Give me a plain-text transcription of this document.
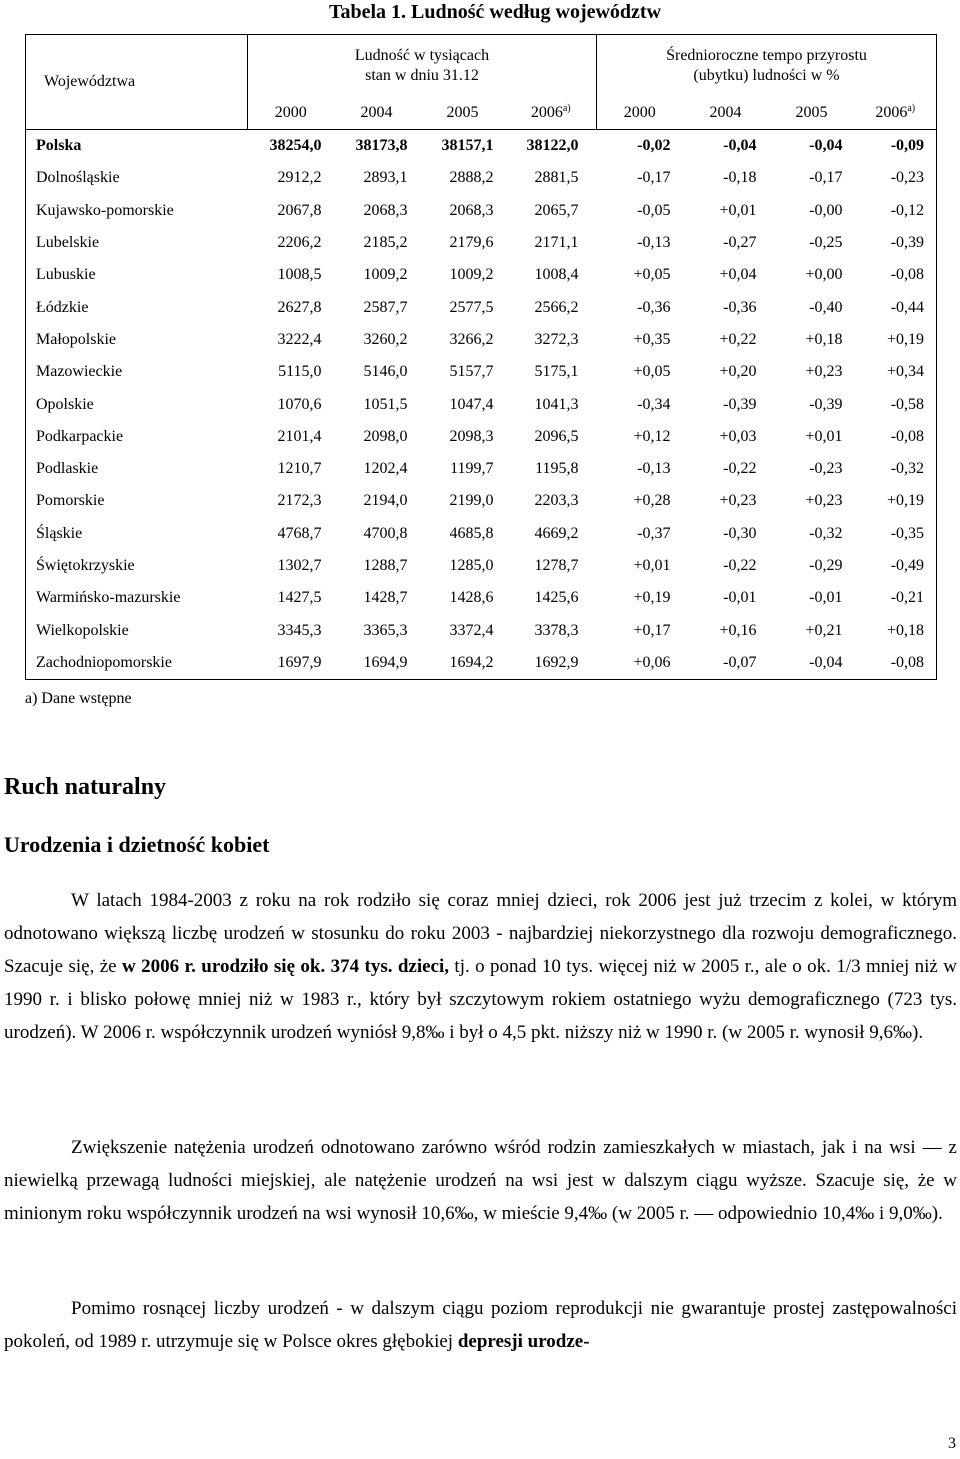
Tabela 1. Ludność według województw
Województwa	Ludność w tysiącach
stan w dniu 31.12				Średnioroczne tempo przyrostu
(ubytku) ludności w %			
	2000	2004	2005	2006$^{a)}$	2000	2004	2005	2006$^{a)}$
Polska	38254,0	38173,8	38157,1	38122,0	-0,02	-0,04	-0,04	-0,09
Dolnośląskie	2912,2	2893,1	2888,2	2881,5	-0,17	-0,18	-0,17	-0,23
Kujawsko-pomorskie	2067,8	2068,3	2068,3	2065,7	-0,05	+0,01	-0,00	-0,12
Lubelskie	2206,2	2185,2	2179,6	2171,1	-0,13	-0,27	-0,25	-0,39
Lubuskie	1008,5	1009,2	1009,2	1008,4	+0,05	+0,04	+0,00	-0,08
Łódzkie	2627,8	2587,7	2577,5	2566,2	-0,36	-0,36	-0,40	-0,44
Małopolskie	3222,4	3260,2	3266,2	3272,3	+0,35	+0,22	+0,18	+0,19
Mazowieckie	5115,0	5146,0	5157,7	5175,1	+0,05	+0,20	+0,23	+0,34
Opolskie	1070,6	1051,5	1047,4	1041,3	-0,34	-0,39	-0,39	-0,58
Podkarpackie	2101,4	2098,0	2098,3	2096,5	+0,12	+0,03	+0,01	-0,08
Podlaskie	1210,7	1202,4	1199,7	1195,8	-0,13	-0,22	-0,23	-0,32
Pomorskie	2172,3	2194,0	2199,0	2203,3	+0,28	+0,23	+0,23	+0,19
Śląskie	4768,7	4700,8	4685,8	4669,2	-0,37	-0,30	-0,32	-0,35
Świętokrzyskie	1302,7	1288,7	1285,0	1278,7	+0,01	-0,22	-0,29	-0,49
Warmińsko-mazurskie	1427,5	1428,7	1428,6	1425,6	+0,19	-0,01	-0,01	-0,21
Wielkopolskie	3345,3	3365,3	3372,4	3378,3	+0,17	+0,16	+0,21	+0,18
Zachodniopomorskie	1697,9	1694,9	1694,2	1692,9	+0,06	-0,07	-0,04	-0,08
a) Dane wstępne
Ruch naturalny
Urodzenia i dzietność kobiet

W latach 1984-2003 z roku na rok rodziło się coraz mniej dzieci, rok 2006 jest już trzecim z kolei, w którym odnotowano większą liczbę urodzeń w stosunku do roku 2003 - najbardziej niekorzystnego dla rozwoju demograficznego. Szacuje się, że w 2006 r. urodziło się ok. 374 tys. dzieci, tj. o ponad 10 tys. więcej niż w 2005 r., ale o ok. 1/3 mniej niż w 1990 r. i blisko połowę mniej niż w 1983 r., który był szczytowym rokiem ostatniego wyżu demograficznego (723 tys. urodzeń). W 2006 r. współczynnik urodzeń wyniósł 9,8‰ i był o 4,5 pkt. niższy niż w 1990 r. (w 2005 r. wynosił 9,6‰).

Zwiększenie natężenia urodzeń odnotowano zarówno wśród rodzin zamieszkałych w miastach, jak i na wsi — z niewielką przewagą ludności miejskiej, ale natężenie urodzeń na wsi jest w dalszym ciągu wyższe. Szacuje się, że w minionym roku współczynnik urodzeń na wsi wynosił 10,6‰, w mieście 9,4‰ (w 2005 r. — odpowiednio 10,4‰ i 9,0‰).

Pomimo rosnącej liczby urodzeń - w dalszym ciągu poziom reprodukcji nie gwarantuje prostej zastępowalności pokoleń, od 1989 r. utrzymuje się w Polsce okres głębokiej depresji urodze-

3
